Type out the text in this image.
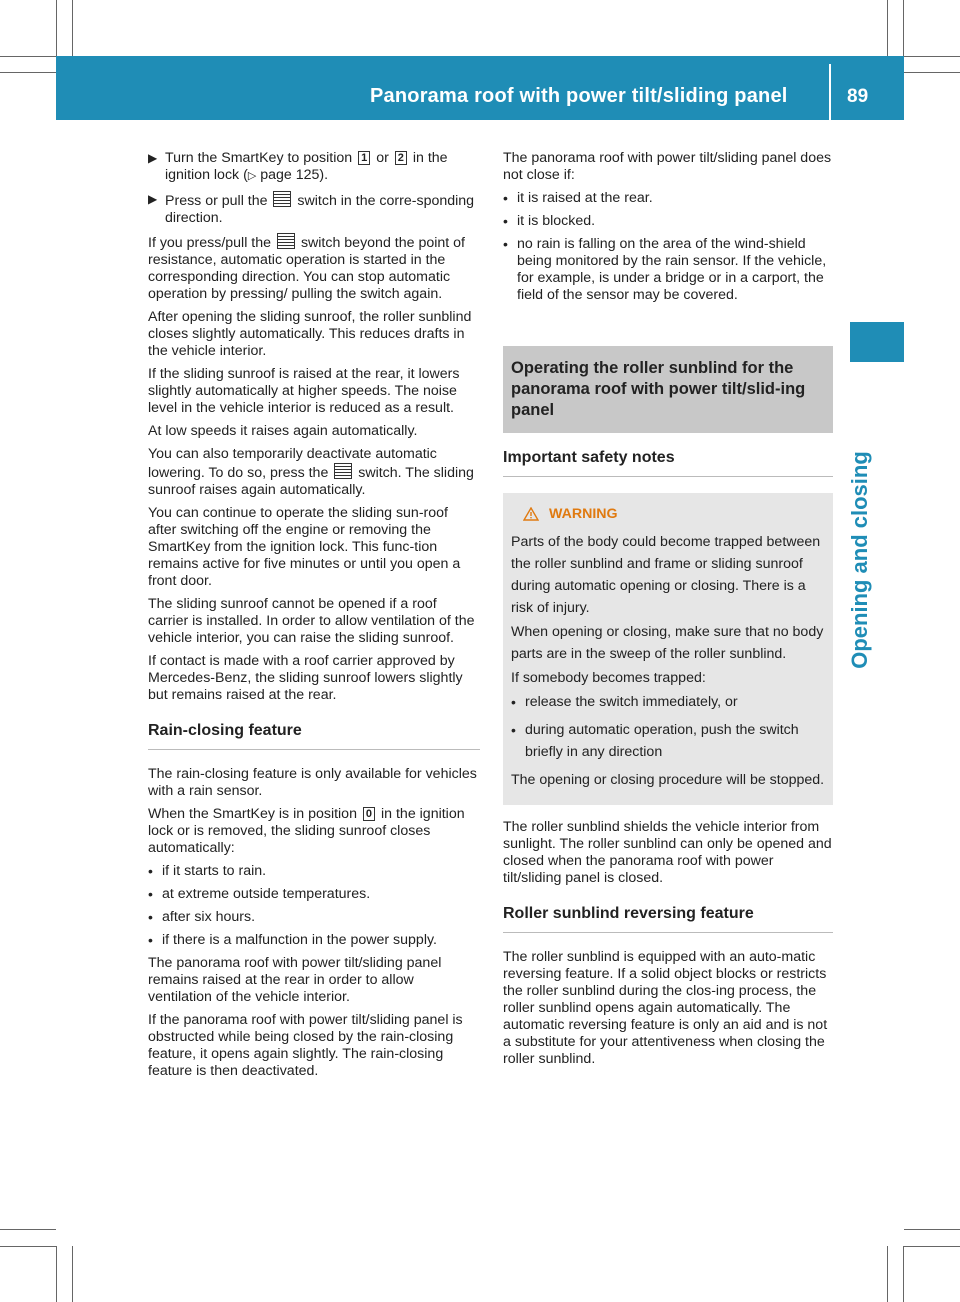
Panorama roof with power tilt/sliding panel	89
Opening and closing
▶ Turn the SmartKey to position 1 or 2 in the ignition lock (▷ page 125).
▶ Press or pull the switch in the corre-sponding direction.

If you press/pull the switch beyond the point of resistance, automatic operation is started in the corresponding direction. You can stop automatic operation by pressing/ pulling the switch again.

After opening the sliding sunroof, the roller sunblind closes slightly automatically. This reduces drafts in the vehicle interior.

If the sliding sunroof is raised at the rear, it lowers slightly automatically at higher speeds. The noise level in the vehicle interior is reduced as a result.

At low speeds it raises again automatically.

You can also temporarily deactivate automatic lowering. To do so, press the switch. The sliding sunroof raises again automatically.

You can continue to operate the sliding sun-roof after switching off the engine or removing the SmartKey from the ignition lock. This func-tion remains active for five minutes or until you open a front door.

The sliding sunroof cannot be opened if a roof carrier is installed. In order to allow ventilation of the vehicle interior, you can raise the sliding sunroof.

If contact is made with a roof carrier approved by Mercedes-Benz, the sliding sunroof lowers slightly but remains raised at the rear.

Rain-closing feature

The rain-closing feature is only available for vehicles with a rain sensor.

When the SmartKey is in position 0 in the ignition lock or is removed, the sliding sunroof closes automatically:

• if it starts to rain.
• at extreme outside temperatures.
• after six hours.
• if there is a malfunction in the power supply.

The panorama roof with power tilt/sliding panel remains raised at the rear in order to allow ventilation of the vehicle interior.

If the panorama roof with power tilt/sliding panel is obstructed while being closed by the rain-closing feature, it opens again slightly. The rain-closing feature is then deactivated.

The panorama roof with power tilt/sliding panel does not close if:

• it is raised at the rear.
• it is blocked.
• no rain is falling on the area of the wind-shield being monitored by the rain sensor. If the vehicle, for example, is under a bridge or in a carport, the field of the sensor may be covered.
Operating the roller sunblind for the panorama roof with power tilt/slid-ing panel
Important safety notes
WARNING

Parts of the body could become trapped between the roller sunblind and frame or sliding sunroof during automatic opening or closing. There is a risk of injury.

When opening or closing, make sure that no body parts are in the sweep of the roller sunblind.

If somebody becomes trapped:

• release the switch immediately, or
• during automatic operation, push the switch briefly in any direction

The opening or closing procedure will be stopped.

The roller sunblind shields the vehicle interior from sunlight. The roller sunblind can only be opened and closed when the panorama roof with power tilt/sliding panel is closed.

Roller sunblind reversing feature

The roller sunblind is equipped with an auto-matic reversing feature. If a solid object blocks or restricts the roller sunblind during the clos-ing process, the roller sunblind opens again automatically. The automatic reversing feature is only an aid and is not a substitute for your attentiveness when closing the roller sunblind.
